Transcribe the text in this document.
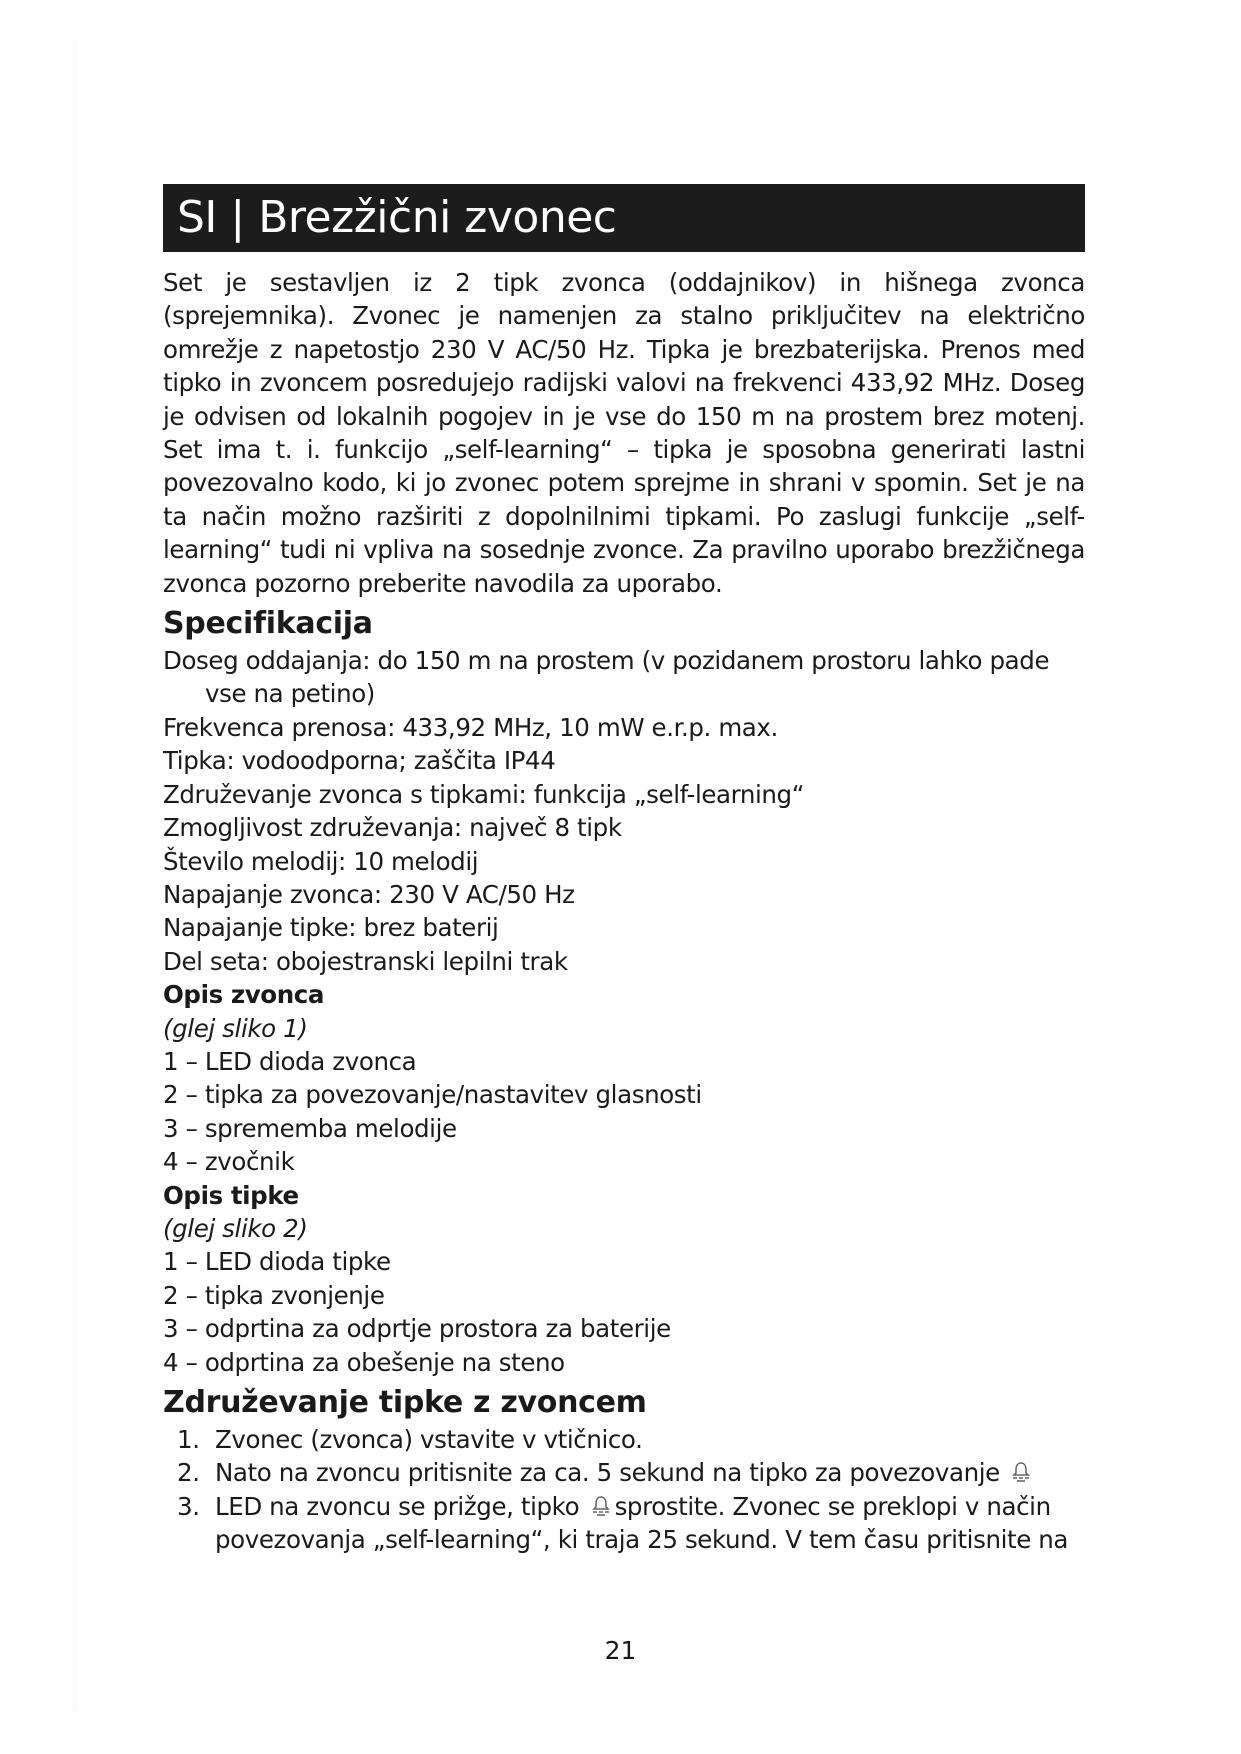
SI | Brezžični zvonec

Set je sestavljen iz 2 tipk zvonca (oddajnikov) in hišnega zvonca (sprejemnika). Zvonec je namenjen za stalno priključitev na električno omrežje z napetostjo 230 V AC/50 Hz. Tipka je brezbaterijska. Prenos med tipko in zvoncem posredujejo radijski valovi na frekvenci 433,92 MHz. Doseg je odvisen od lokalnih pogojev in je vse do 150 m na prostem brez motenj. Set ima t. i. funkcijo „self-learning“ – tipka je sposobna generirati lastni povezovalno kodo, ki jo zvonec potem sprejme in shrani v spomin. Set je na ta način možno razširiti z dopolnilnimi tipkami. Po zaslugi funkcije „self-learning“ tudi ni vpliva na sosednje zvonce. Za pravilno uporabo brezžičnega zvonca pozorno preberite navodila za uporabo.

Specifikacija

Doseg oddajanja: do 150 m na prostem (v pozidanem prostoru lahko pade vse na petino)

Frekvenca prenosa: 433,92 MHz, 10 mW e.r.p. max.

Tipka: vodoodporna; zaščita IP44

Združevanje zvonca s tipkami: funkcija „self-learning“

Zmogljivost združevanja: največ 8 tipk

Število melodij: 10 melodij

Napajanje zvonca: 230 V AC/50 Hz

Napajanje tipke: brez baterij

Del seta: obojestranski lepilni trak

Opis zvonca

(glej sliko 1)

1 – LED dioda zvonca

2 – tipka za povezovanje/nastavitev glasnosti

3 – sprememba melodije

4 – zvočnik

Opis tipke

(glej sliko 2)

1 – LED dioda tipke

2 – tipka zvonjenje

3 – odprtina za odprtje prostora za baterije

4 – odprtina za obešenje na steno

Združevanje tipke z zvoncem
1. Zvonec (zvonca) vstavite v vtičnico.
2. Nato na zvoncu pritisnite za ca. 5 sekund na tipko za povezovanje
3. LED na zvoncu se prižge, tipko sprostite. Zvonec se preklopi v način povezovanja „self-learning“, ki traja 25 sekund. V tem času pritisnite na
21
